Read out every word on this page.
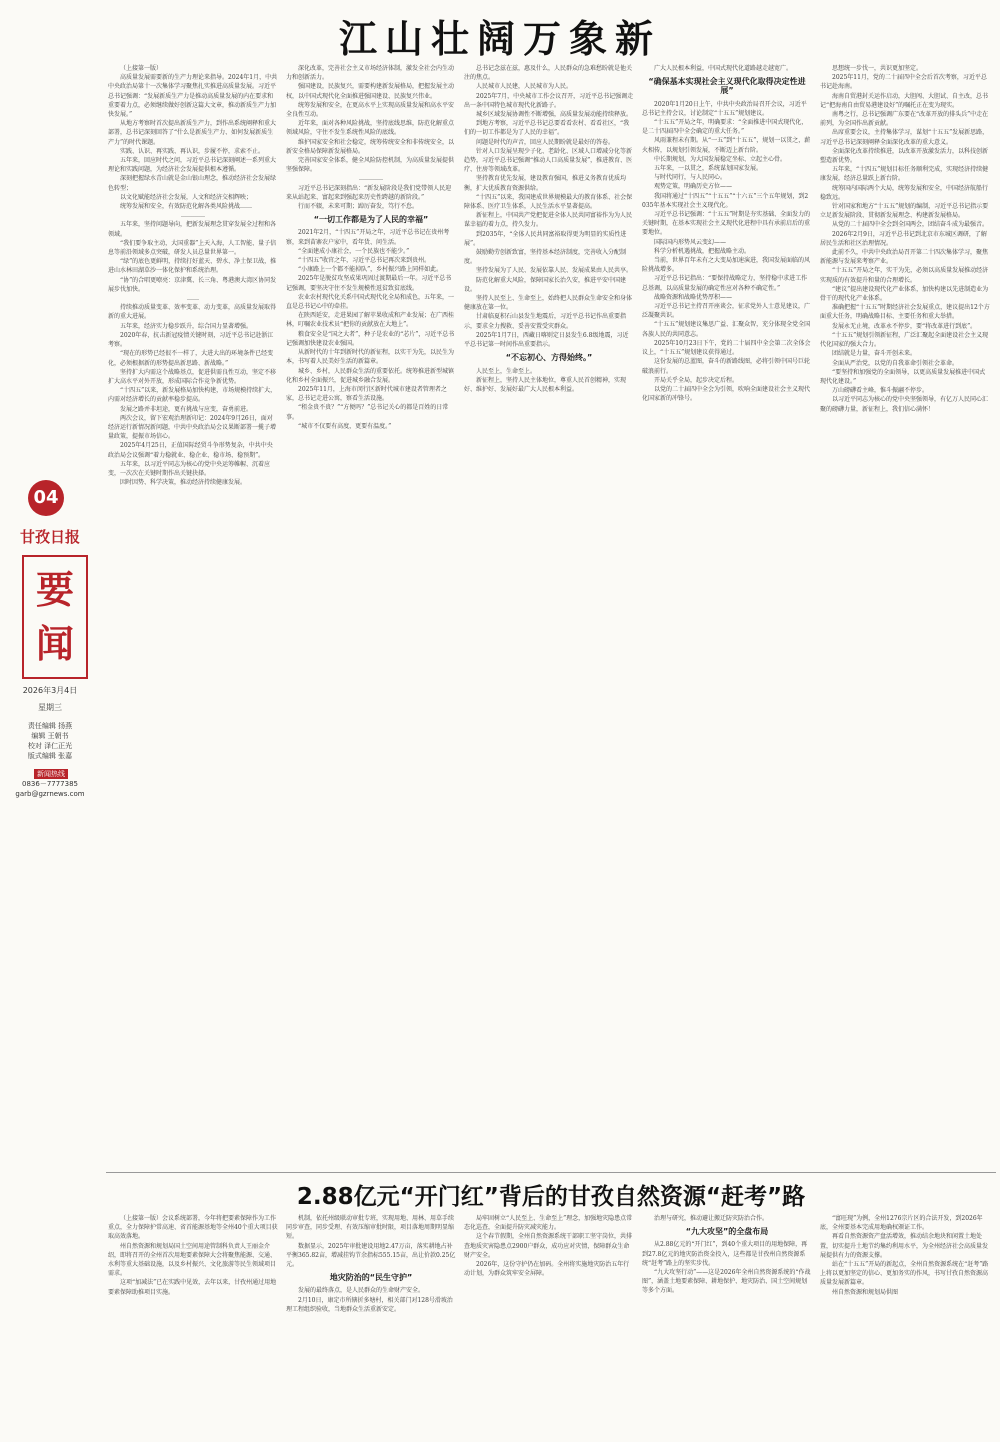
江山壮阔万象新
04
甘孜日报
要闻
2026年3月4日
星期三
责任编辑 扬燕
编辑 王朝书
校对 泽仁正光
版式编辑 张嘉
新闻热线
0836－7777385
garb@gzrnews.com

（上接第一版）

高质量发展需要新的生产力理论来指导。2024年1月，中共中央政治局第十一次集体学习聚焦扎实推进高质量发展。习近平总书记强调：“发展新质生产力是推动高质量发展的内在要求和重要着力点，必须继续做好创新这篇大文章，推动新质生产力加快发展。”

从地方考察时首次提出新质生产力，到作出系统阐释和重大部署，总书记深刻回答了“什么是新质生产力、如何发展新质生产力”的时代课题。

实践、认识、再实践、再认识，步履不停，求索不止。

五年来，回应时代之问，习近平总书记深刻阐述一系列重大理论和实践问题，为经济社会发展提供根本遵循。

深刻把握绿水青山就是金山银山理念，推动经济社会发展绿色转型；

以文化赋能经济社会发展，人文和经济交相辉映；

统筹发展和安全，有效防范化解各类风险挑战……

…………

五年来，坚持问题导向，把新发展理念贯穿发展全过程和各领域。

“我们要争取主动，大国重器”上天入海，人工智能、量子信息等前沿领域多点突破，研发人员总量世界第一。

“绿”的底色更鲜明，持续打好蓝天、碧水、净土保卫战，推进山水林田湖草沙一体化保护和系统治理。

“协”的合唱更嘹亮：京津冀、长三角、粤港澳大湾区协同发展步伐加快。

……

持续推动质量变革、效率变革、动力变革，高质量发展取得新的重大进展。

五年来，经济实力稳步跃升，综合国力显著增强。

2020年春，抗击新冠疫情关键时刻，习近平总书记赴浙江考察。

“现在的形势已经很不一样了，大进大出的环境条件已经变化，必须根据新的形势提出新思路、新战略。”

坚持扩大内需这个战略基点，促进供需良性互动，坚定不移扩大高水平对外开放，形成国际合作竞争新优势。

“十四五”以来，新发展格局加快构建，市场规模持续扩大，内需对经济增长的贡献率稳步提高。

发展之路并非坦途，更有挑战与应变，奋勇前进。

两次会议，留下宏观治理新印记：2024年9月26日，面对经济运行新情况新问题，中共中央政治局会议果断部署一揽子增量政策，提振市场信心。

2025年4月25日，正值国际经贸斗争形势复杂，中共中央政治局会议强调“着力稳就业、稳企业、稳市场、稳预期”。

五年来，以习近平同志为核心的党中央运筹帷幄、沉着应变，一次次在关键时期作出关键抉择。

因时因势、科学决策，推动经济持续健康发展。

深化改革，完善社会主义市场经济体制，激发全社会内生动力和创新活力。

强国建设，民族复兴，需要构建新发展格局，把握发展主动权，以中国式现代化全面推进强国建设、民族复兴伟业。

统筹发展和安全，在更高水平上实现高质量发展和高水平安全良性互动。

近年来，面对各种风险挑战，坚持底线思维，防范化解重点领域风险，守住不发生系统性风险的底线。

维护国家安全和社会稳定，统筹传统安全和非传统安全，以新安全格局保障新发展格局。

完善国家安全体系，健全风险防控机制，为高质量发展提供坚强保障。

…………

习近平总书记深刻指出：“新发展阶段是我们党带领人民迎来从站起来、富起来到强起来历史性跨越的新阶段。”

行而不辍，未来可期；踔厉奋发，笃行不怠。

“一切工作都是为了人民的幸福”

2021年2月，“十四五”开局之年，习近平总书记在贵州考察，来到苗寨农户家中，看年货、问生活。

“全面建成小康社会，一个民族也不能少。”

“十四五”收官之年，习近平总书记再次来到贵州。

“小康路上一个都不能掉队”，乡村振兴路上同样如此。

2025年是脱贫攻坚成果巩固过渡期最后一年。习近平总书记强调，要坚决守住不发生规模性返贫致贫底线。

农业农村现代化关系中国式现代化全局和成色，五年来，一直是总书记心中的牵挂。

在陕西延安，走进果园了解苹果收成和产业发展；在广西桂林，叮嘱农业技术员“把你的贡献放在大地上”。

粮食安全是“国之大者”，种子是农业的“芯片”，习近平总书记强调加快建设农业强国。

从新时代的十年到新时代的新征程，以实干为先，以民生为本，书写着人民美好生活的新篇章。

城乡、乡村，人民群众生活的重要依托。统筹推进新型城镇化和乡村全面振兴，促进城乡融合发展。

2025年11月，上海市闵行区新时代城市建设者管理者之家，总书记走进公寓，察看生活设施。

“租金贵不贵？”“方便吗？”总书记关心的都是百姓的日常事。

“城市不仅要有高度，更要有温度。”

总书记念兹在兹，惠及什么，人民群众的急难愁盼就是他关注的焦点。

人民城市人民建，人民城市为人民。

2025年7月，中央城市工作会议召开，习近平总书记强调走出一条中国特色城市现代化新路子。

城乡区域发展协调性不断增强，高质量发展动能持续释放。

到地方考察，习近平总书记总要看看农村、看看社区，“我们的一切工作都是为了人民的幸福”。

问题是时代的声音，回应人民期盼就是最好的答卷。

针对人口发展呈现少子化、老龄化、区域人口增减分化等新趋势，习近平总书记强调“推动人口高质量发展”，推进教育、医疗、住房等领域改革。

坚持教育优先发展，建设教育强国，推进义务教育优质均衡，扩大优质教育资源供给。

“十四五”以来，我国建成世界规模最大的教育体系、社会保障体系、医疗卫生体系，人民生活水平显著提高。

新征程上，中国共产党把促进全体人民共同富裕作为为人民谋幸福的着力点，持久发力。

到2035年，“全体人民共同富裕取得更为明显的实质性进展”。

鼓励勤劳创新致富，坚持基本经济制度，完善收入分配制度。

坚持发展为了人民、发展依靠人民、发展成果由人民共享。

防范化解重大风险，保障国家长治久安，推进平安中国建设。

坚持人民至上、生命至上，始终把人民群众生命安全和身体健康放在第一位。

甘肃临夏积石山县发生地震后，习近平总书记作出重要指示，要求全力搜救、妥善安置受灾群众。

2025年1月7日，西藏日喀则定日县发生6.8级地震，习近平总书记第一时间作出重要指示。

“不忘初心、方得始终。”

人民至上，生命至上。

新征程上，坚持人民主体地位，尊重人民首创精神，实现好、维护好、发展好最广大人民根本利益。

广大人民根本利益，中国式现代化道路越走越宽广。

“确保基本实现社会主义现代化取得决定性进展”

2020年1月20日上午，中共中央政治局召开会议，习近平总书记主持会议，讨论制定“十五五”规划建议。

“十五五”开局之年，明确要求：“全面推进中国式现代化，是二十四届四中全会确定的重大任务。”

风雨兼程未有期。从“一五”到“十五五”，规划一以贯之，薪火相传，以规划引领发展，不断迈上新台阶。

中长期规划，为大国发展稳定坐标、立起主心骨。

五年来，一以贯之，系统谋划国家发展。

与时代同行，与人民同心。

观势定策，明确历史方位——

我国将通过“十四五”“十五五”“十六五”三个五年规划，到2035年基本实现社会主义现代化。

习近平总书记强调：“十五五”时期是夯实基础、全面发力的关键时期，在基本实现社会主义现代化进程中具有承前启后的重要地位。

国际国内形势风云变幻——

科学分析机遇挑战，把握战略主动。

当前，世界百年未有之大变局加速演进，我国发展面临的风险挑战增多。

习近平总书记指出：“要保持战略定力，坚持稳中求进工作总基调，以高质量发展的确定性应对各种不确定性。”

战略资源和战略优势厚积——

习近平总书记主持召开座谈会，征求党外人士意见建议，广泛凝聚共识。

“十五五”规划建议集思广益、汇聚众智，充分体现全党全国各族人民的共同意志。

2025年10月23日下午，党的二十届四中全会第二次全体会议上，“十五五”规划建议获得通过。

这份发展的总蓝图，奋斗的新路线图，必将引领中国号巨轮破浪前行。

开局关乎全局，起步决定后程。

以党的二十届四中全会为引领，吹响全面建设社会主义现代化国家新的冲锋号。

思想统一步伐一，共识更加坚定。

2025年11月，党的二十届四中全会后首次考察，习近平总书记赴海南。

海南自贸港封关运作启动，大胆闯、大胆试、自主改，总书记“把海南自由贸易港建设好”的嘱托正在变为现实。

南粤之行，总书记强调广东要在“改革开放的排头兵”中走在前列，为全国作出新贡献。

出席重要会议，主持集体学习，谋划“十五五”发展新思路，习近平总书记深刻阐释全面深化改革的重大意义。

全面深化改革持续推进，以改革开放激发活力，以科技创新塑造新优势。

五年来，“十四五”规划目标任务顺利完成，实现经济持续健康发展，经济总量跃上新台阶。

统筹国内国际两个大局，统筹发展和安全，中国经济航船行稳致远。

针对国家和地方“十五五”规划的编制，习近平总书记指示要立足新发展阶段、贯彻新发展理念、构建新发展格局。

从党的二十届四中全会到全国两会，团结奋斗成为最强音。

2026年2月9日，习近平总书记到北京市东城区调研，了解居民生活和社区治理情况。

此前不久，中共中央政治局召开第二十四次集体学习，聚焦新能源与发展来考察产业。

“十五五”开局之年，实干为先，必须以高质量发展推动经济实现质的有效提升和量的合理增长。

“建议”提出建设现代化产业体系，加快构建以先进制造业为骨干的现代化产业体系。

准确把握“十五五”时期经济社会发展重点，建议提出12个方面重大任务，明确战略目标、主要任务和重大举措。

发展永无止境，改革永不停步，要“将改革进行到底”。

“十五五”规划引领新征程，广泛汇聚起全面建设社会主义现代化国家的强大合力。

团结就是力量，奋斗开创未来。

全面从严治党，以党的自我革命引领社会革命。

“要坚持和加强党的全面领导，以更高质量发展推进中国式现代化建设。”

万山磅礴看主峰，惟斗振翮不停步。

以习近平同志为核心的党中央坚强领导，有亿万人民同心汇聚的磅礴力量，新征程上，我们信心满怀！

2.88亿元“开门红”背后的甘孜自然资源“赶考”路

（上接第一版）会议系统部署，今年将把要素保障作为工作重点，全力保障护常高速、省首能源基地等全州40个重大项目获取高效落地。

州自然资源和规划局国土空间用途管制科负责人王丽金介绍，即将召开的全州首次用地要素保障大会将聚焦能源、交通、水利等重大基础设施，以及乡村振兴、文化旅游等民生领域项目需求。

这项“加减法”已在实践中见效，去年以来，甘孜州通过用地要素保障助推项目实施。

机制，依托州级联动审批专班，实现用地、用林、用草手续同步审查，同步受理、有效压缩审批时限，项目落地周期明显缩短。

数据显示，2025年审批建设用地2.47万亩，落实耕地占补平衡365.82亩，增减挂钩节余指标555.15亩，出让价款0.25亿元。

地灾防治的“民生守护”

发展的最终落点，是人民群众的生命财产安全。

2月10日，康定市所辖折多塘村，相关部门对128号滑坡治理工程组织验收，当地群众生活重新安定。

局牢固树立“人民至上、生命至上”理念，加强地灾隐患点常态化巡查，全面提升防灾减灾能力。

这个春节假期，全州自然资源系统干部职工坚守岗位，共排查地质灾害隐患点2900户群众，成功应对灾情，保障群众生命财产安全。

2026年，这份守护仍在加码。全州将实施地灾防治五年行动计划，为群众筑牢安全屏障。

治理与研究，推动避让搬迁防灾防治合作。

“九大攻坚”的全盘布局

从2.88亿元的“开门红”，到40个重大项目的用地保障，再到27.8亿元的地灾防治资金投入，这些都是甘孜州自然资源系统“赶考”路上的坚实步伐。

“九大攻坚行动”——这是2026年全州自然资源系统的“作战图”，涵盖土地要素保障、耕地保护、地灾防治、国土空间规划等多个方面。

“富旺现”为例，全州1276宗片区的合法开发，到2026年底，全州要基本完成用地确权颁证工作。

再看自然资源资产盘活增效，推动结余地块和闲置土地处置，切实提升土地节约集约利用水平，为全州经济社会高质量发展提供有力的资源支撑。

站在“十五五”开局的新起点，全州自然资源系统在“赶考”路上将以更加坚定的信心、更加务实的作风，书写甘孜自然资源高质量发展新篇章。

州自然资源和规划局供图
